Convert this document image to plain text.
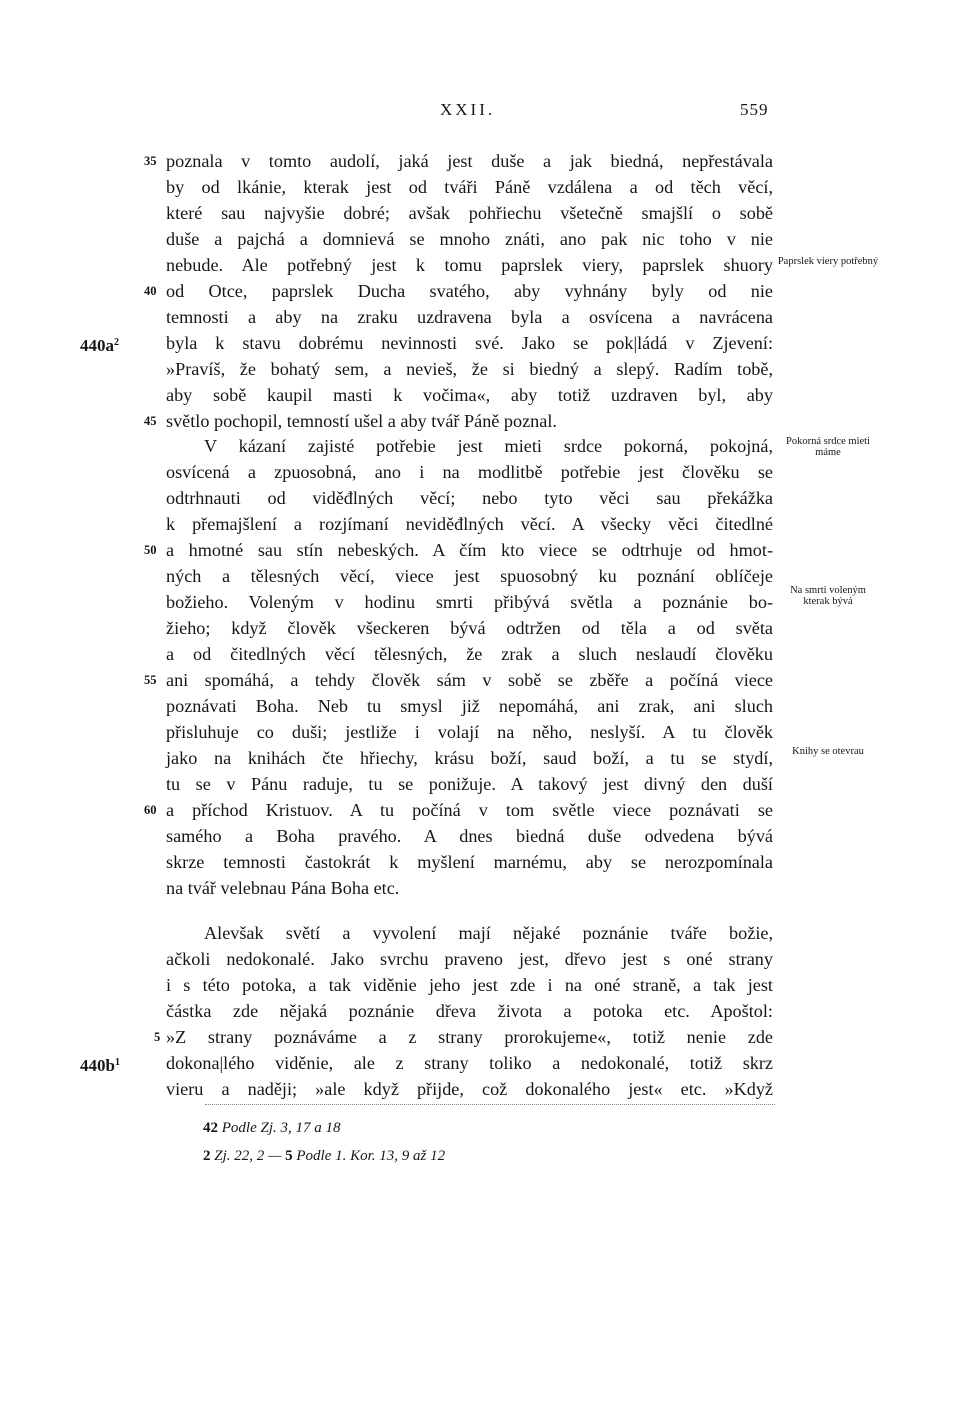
XXII.	559
poznala v tomto audolí, jaká jest duše a jak biedná, nepřestávala
by od lkánie, kterak jest od tváři Páně vzdálena a od těch věcí,
které sau najvyšie dobré; avšak pohřiechu všetečně smajšlí o sobě
duše a pajchá a domnievá se mnoho znáti, ano pak nic toho v nie
nebude. Ale potřebný jest k tomu paprslek viery, paprslek shuory
od Otce, paprslek Ducha svatého, aby vyhnány byly od nie
temnosti a aby na zraku uzdravena byla a osvícena a navrácena
byla k stavu dobrému nevinnosti své. Jako se pok|ládá v Zjevení:
»Pravíš, že bohatý sem, a nevieš, že si biedný a slepý. Radím tobě,
aby sobě kaupil masti k vočima«, aby totiž uzdraven byl, aby
světlo pochopil, temností ušel a aby tvář Páně poznal.
V kázaní zajisté potřebie jest mieti srdce pokorná, pokojná,
osvícená a zpuosobná, ano i na modlitbě potřebie jest člověku se
odtrhnauti od viděđlných věcí; nebo tyto věci sau překážka
k přemajšlení a rozjímaní neviděđlných věcí. A všecky věci čitedlné
a hmotné sau stín nebeských. A čím kto viece se odtrhuje od hmot-
ných a tělesných věcí, viece jest spuosobný ku poznání oblíčeje
božieho. Voleným v hodinu smrti přibývá světla a poznánie bo-
žieho; když člověk všeckeren bývá odtržen od těla a od světa
a od čitedlných věcí tělesných, že zrak a sluch neslaudí člověku
ani spomáhá, a tehdy člověk sám v sobě se zběře a počíná viece
poznávati Boha. Neb tu smysl již nepomáhá, ani zrak, ani sluch
přisluhuje co duši; jestliže i volají na něho, neslyší. A tu člověk
jako na knihách čte hřiechy, krásu boží, saud boží, a tu se stydí,
tu se v Pánu raduje, tu se ponižuje. A takový jest divný den duší
a příchod Kristuov. A tu počíná v tom světle viece poznávati se
samého a Boha pravého. A dnes biedná duše odvedena bývá
skrze temnosti častokrát k myšlení marnému, aby se nerozpomínala
na tvář velebnau Pána Boha etc.
Alevšak světí a vyvolení mají nějaké poznánie tváře božie,
ačkoli nedokonalé. Jako svrchu praveno jest, dřevo jest s oné strany
i s této potoka, a tak viděnie jeho jest zde i na oné straně, a tak jest
částka zde nějaká poznánie dřeva života a potoka etc. Apoštol:
»Z strany poznáváme a z strany prorokujeme«, totiž nenie zde
dokona|lého viděnie, ale z strany toliko a nedokonalé, totiž skrz
vieru a naději; »ale když přijde, což dokonalého jest« etc. »Když
35
40
45
50
55
60
5
$440a^2$
$440b^1$
Paprslek viery potřebný
Pokorná srdce mieti máme
Na smrti voleným kterak bývá
Knihy se otevrau
42 Podle Zj. 3, 17 a 18
2 Zj. 22, 2 — 5 Podle 1. Kor. 13, 9 až 12
